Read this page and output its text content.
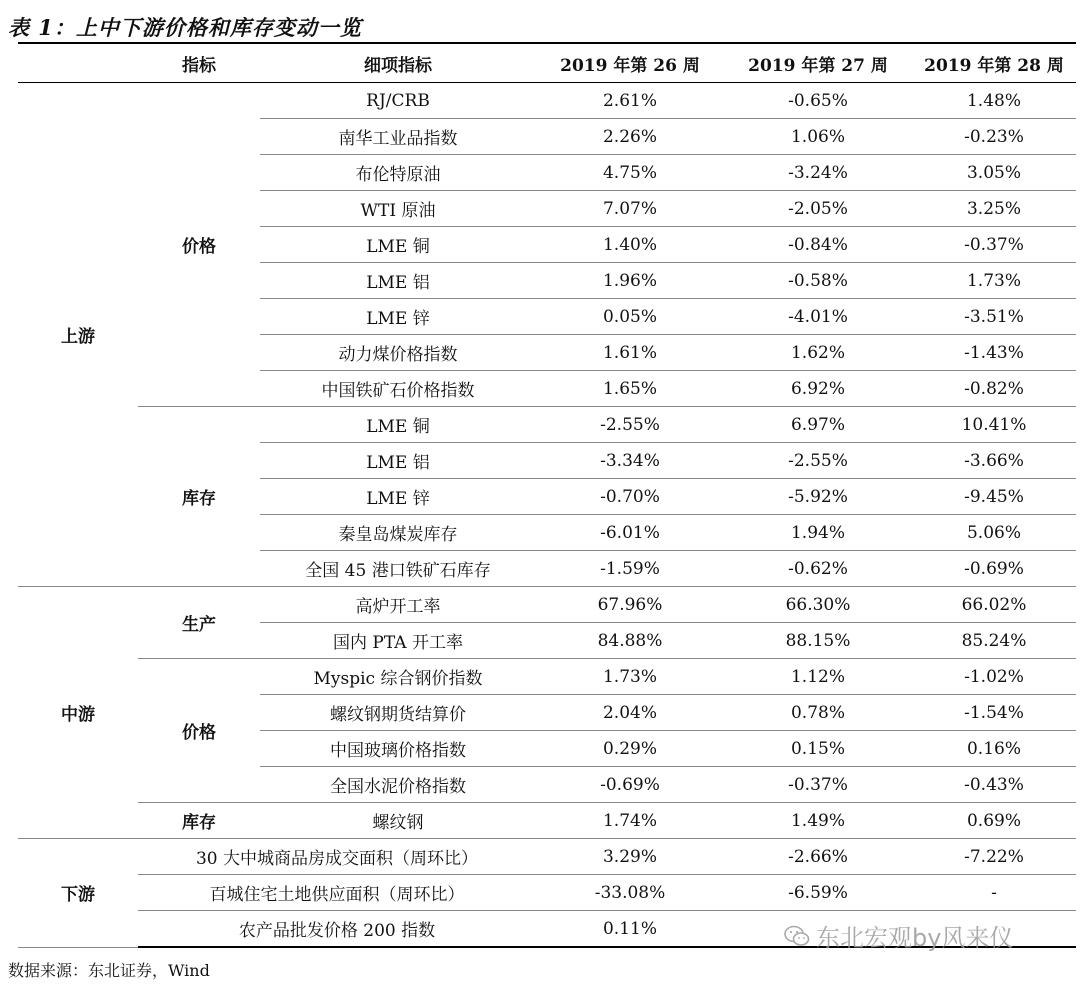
表 1：上中下游价格和库存变动一览
	指标	细项指标	2019 年第 26 周	2019 年第 27 周	2019 年第 28 周
上游	价格	RJ/CRB	2.61%	-0.65%	1.48%
		南华工业品指数	2.26%	1.06%	-0.23%
		布伦特原油	4.75%	-3.24%	3.05%
		WTI 原油	7.07%	-2.05%	3.25%
		LME 铜	1.40%	-0.84%	-0.37%
		LME 铝	1.96%	-0.58%	1.73%
		LME 锌	0.05%	-4.01%	-3.51%
		动力煤价格指数	1.61%	1.62%	-1.43%
		中国铁矿石价格指数	1.65%	6.92%	-0.82%
	库存	LME 铜	-2.55%	6.97%	10.41%
		LME 铝	-3.34%	-2.55%	-3.66%
		LME 锌	-0.70%	-5.92%	-9.45%
		秦皇岛煤炭库存	-6.01%	1.94%	5.06%
		全国 45 港口铁矿石库存	-1.59%	-0.62%	-0.69%
中游	生产	高炉开工率	67.96%	66.30%	66.02%
		国内 PTA 开工率	84.88%	88.15%	85.24%
	价格	Myspic 综合钢价指数	1.73%	1.12%	-1.02%
		螺纹钢期货结算价	2.04%	0.78%	-1.54%
		中国玻璃价格指数	0.29%	0.15%	0.16%
		全国水泥价格指数	-0.69%	-0.37%	-0.43%
	库存	螺纹钢	1.74%	1.49%	0.69%
下游	30 大中城商品房成交面积（周环比）		3.29%	-2.66%	-7.22%
	百城住宅土地供应面积（周环比）		-33.08%	-6.59%	-
	农产品批发价格 200 指数		0.11%			东北宏观by风来仪
数据来源：东北证券，Wind
